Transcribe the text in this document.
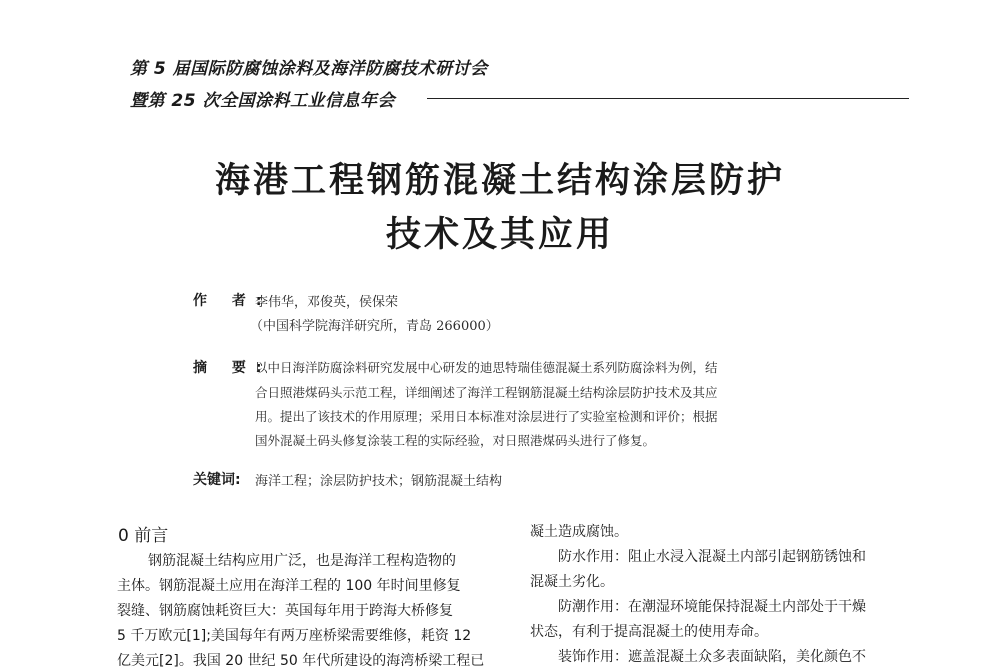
第 5 届国际防腐蚀涂料及海洋防腐技术研讨会
暨第 25 次全国涂料工业信息年会
海港工程钢筋混凝土结构涂层防护
技术及其应用
作 者:
李伟华，邓俊英，侯保荣
（中国科学院海洋研究所，青岛 266000）
摘 要:
以中日海洋防腐涂料研究发展中心研发的迪思特瑞佳德混凝土系列防腐涂料为例，结
合日照港煤码头示范工程，详细阐述了海洋工程钢筋混凝土结构涂层防护技术及其应
用。提出了该技术的作用原理；采用日本标准对涂层进行了实验室检测和评价；根据
国外混凝土码头修复涂装工程的实际经验，对日照港煤码头进行了修复。
关键词: 海洋工程；涂层防护技术；钢筋混凝土结构
0 前言
钢筋混凝土结构应用广泛，也是海洋工程构造物的
主体。钢筋混凝土应用在海洋工程的 100 年时间里修复
裂缝、钢筋腐蚀耗资巨大：英国每年用于跨海大桥修复
5 千万欧元[1];美国每年有两万座桥梁需要维修，耗资 12
亿美元[2]。我国 20 世纪 50 年代所建设的海湾桥梁工程已
凝土造成腐蚀。
防水作用：阻止水浸入混凝土内部引起钢筋锈蚀和
混凝土劣化。
防潮作用：在潮湿环境能保持混凝土内部处于干燥
状态，有利于提高混凝土的使用寿命。
装饰作用：遮盖混凝土众多表面缺陷，美化颜色不
